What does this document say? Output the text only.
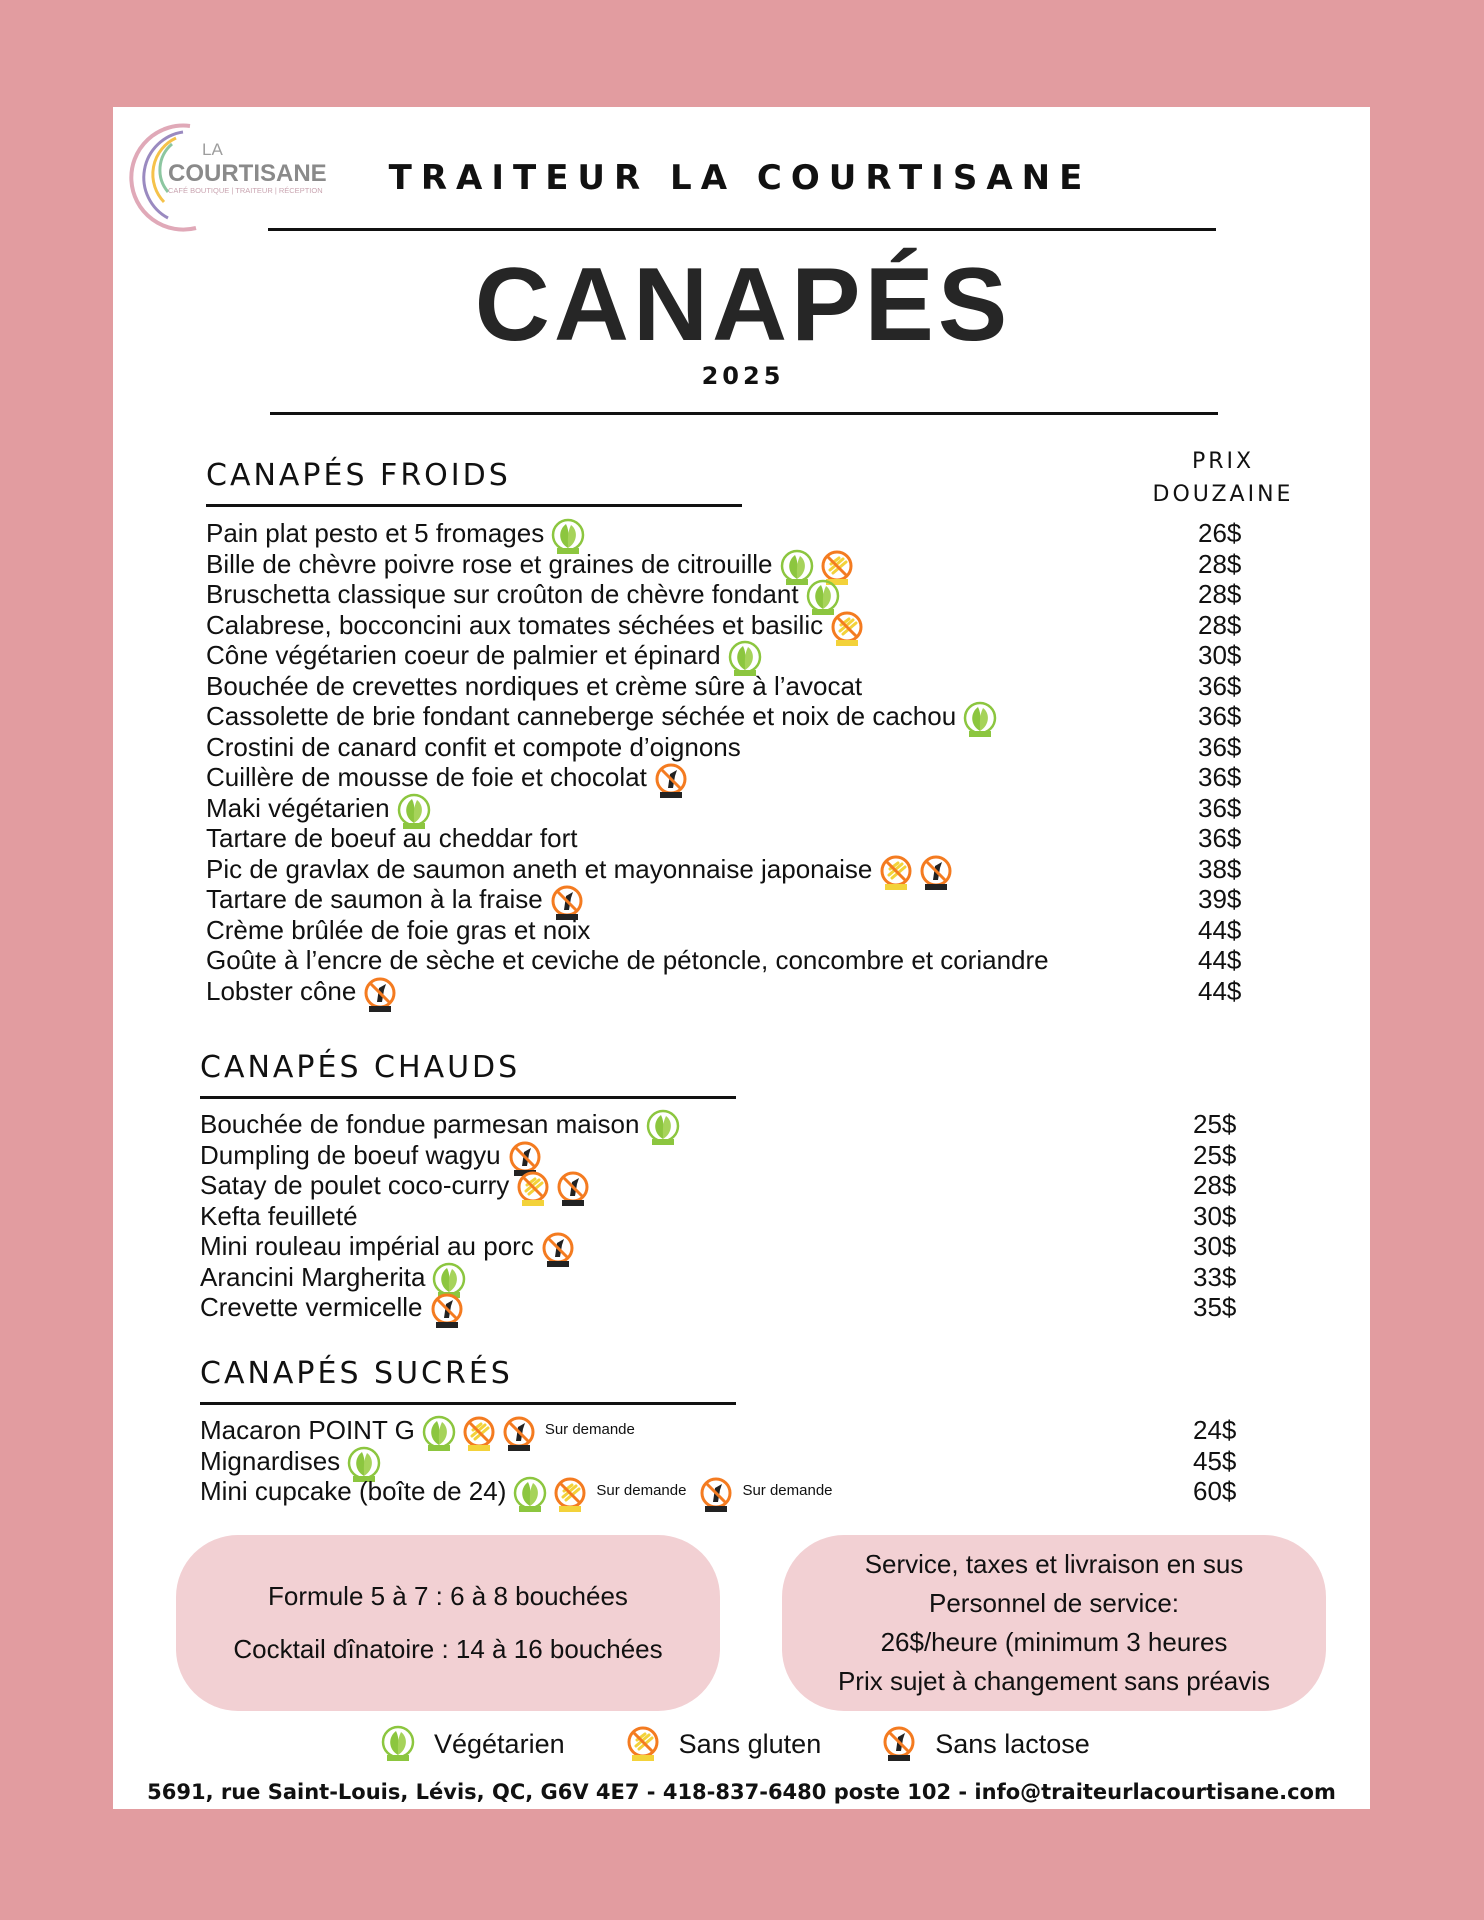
LA
COURTISANE
CAFÉ BOUTIQUE | TRAITEUR | RÉCEPTION TRAITEUR LA COURTISANE
CANAPÉS
2025
PRIX
DOUZAINE
CANAPÉS FROIDS
Pain plat pesto et 5 fromages	26$
Bille de chèvre poivre rose et graines de citrouille	28$
Bruschetta classique sur croûton de chèvre fondant	28$
Calabrese, bocconcini aux tomates séchées et basilic	28$
Cône végétarien coeur de palmier et épinard	30$
Bouchée de crevettes nordiques et crème sûre à l’avocat	36$
Cassolette de brie fondant canneberge séchée et noix de cachou	36$
Crostini de canard confit et compote d’oignons	36$
Cuillère de mousse de foie et chocolat	36$
Maki végétarien	36$
Tartare de boeuf au cheddar fort	36$
Pic de gravlax de saumon aneth et mayonnaise japonaise	38$
Tartare de saumon à la fraise	39$
Crème brûlée de foie gras et noix	44$
Goûte à l’encre de sèche et ceviche de pétoncle, concombre et coriandre	44$
Lobster cône	44$
CANAPÉS CHAUDS
Bouchée de fondue parmesan maison	25$
Dumpling de boeuf wagyu	25$
Satay de poulet coco-curry	28$
Kefta feuilleté	30$
Mini rouleau impérial au porc	30$
Arancini Margherita	33$
Crevette vermicelle	35$
CANAPÉS SUCRÉS
Macaron POINT G	Sur demande	24$
Mignardises	45$
Mini cupcake (boîte de 24)	Sur demande	Sur demande	60$
Formule 5 à 7 : 6 à 8 bouchées
Cocktail dînatoire : 14 à 16 bouchées
Service, taxes et livraison en sus
Personnel de service:
26$/heure (minimum 3 heures
Prix sujet à changement sans préavis
Végétarien	Sans gluten	Sans lactose
5691, rue Saint-Louis, Lévis, QC, G6V 4E7 - 418-837-6480 poste 102 - info@traiteurlacourtisane.com
